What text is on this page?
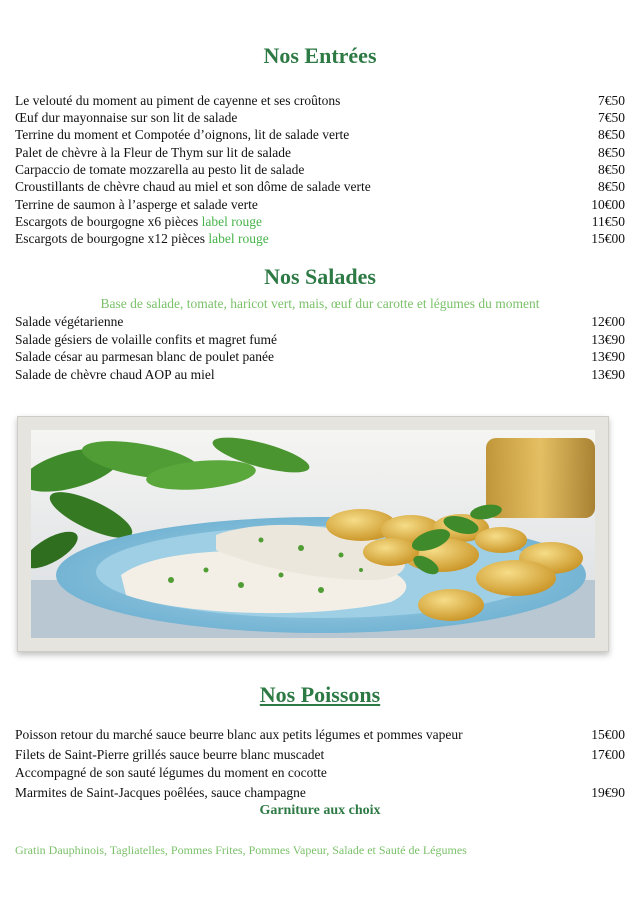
Nos Entrées
Le velouté du moment au piment de cayenne et ses croûtons	7€50
Œuf dur mayonnaise sur son lit de salade	7€50
Terrine du moment et Compotée d’oignons, lit de salade verte	8€50
Palet de chèvre à la Fleur de Thym sur lit de salade	8€50
Carpaccio de tomate mozzarella au pesto lit de salade	8€50
Croustillants de chèvre chaud au miel et son dôme de salade verte	8€50
Terrine de saumon à l’asperge et salade verte	10€00
Escargots de bourgogne x6 pièces label rouge	11€50
Escargots de bourgogne x12 pièces label rouge	15€00
Nos Salades
Base de salade, tomate, haricot vert, mais, œuf dur carotte et légumes du moment
Salade végétarienne	12€00
Salade gésiers de volaille confits et magret fumé	13€90
Salade césar au parmesan blanc de poulet panée	13€90
Salade de chèvre chaud AOP au miel	13€90
Nos Poissons
Poisson retour du marché sauce beurre blanc aux petits légumes et pommes vapeur	15€00
Filets de Saint-Pierre grillés sauce beurre blanc muscadet	17€00
Accompagné de son sauté légumes du moment en cocotte
Marmites de Saint-Jacques poêlées, sauce champagne	19€90
Garniture aux choix
Gratin Dauphinois, Tagliatelles, Pommes Frites, Pommes Vapeur, Salade et Sauté de Légumes
